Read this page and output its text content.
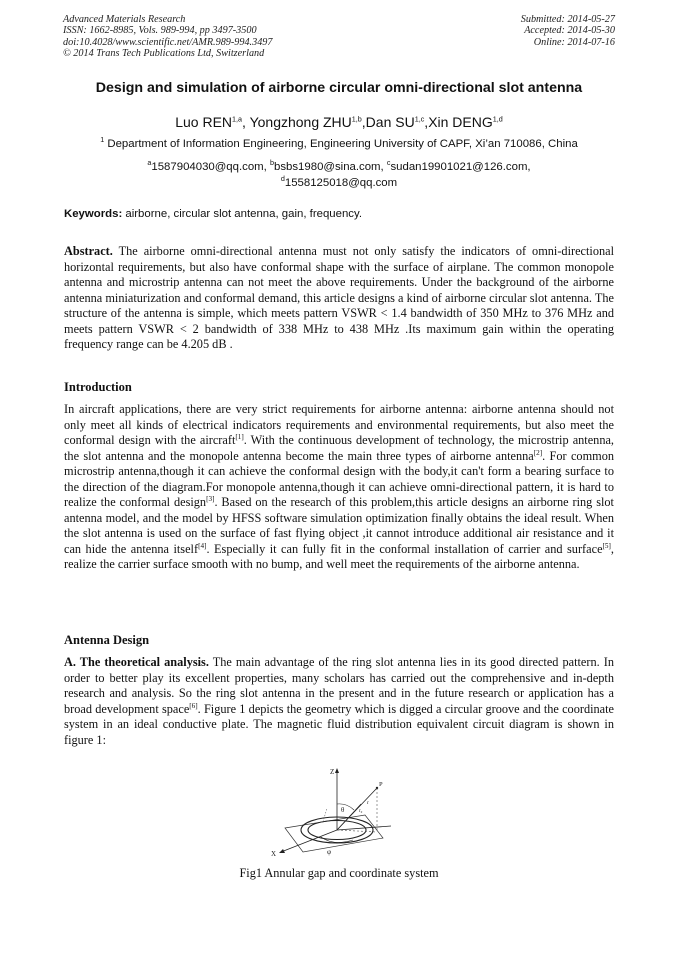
Advanced Materials Research
ISSN: 1662-8985, Vols. 989-994, pp 3497-3500
doi:10.4028/www.scientific.net/AMR.989-994.3497
© 2014 Trans Tech Publications Ltd, Switzerland
Submitted: 2014-05-27
Accepted: 2014-05-30
Online: 2014-07-16
Design and simulation of airborne circular omni-directional slot antenna
Luo REN$^{1,a}$, Yongzhong ZHU$^{1,b}$,Dan SU$^{1,c}$,Xin DENG$^{1,d}$
$^1$ Department of Information Engineering, Engineering University of CAPF, Xi’an 710086, China
$^a$1587904030@qq.com, $^b$bsbs1980@sina.com, $^c$sudan19901021@126.com,
$^d$1558125018@qq.com
Keywords: airborne, circular slot antenna, gain, frequency.
Abstract. The airborne omni-directional antenna must not only satisfy the indicators of omni-directional horizontal requirements, but also have conformal shape with the surface of airplane. The common monopole antenna and microstrip antenna can not meet the above requirements. Under the background of the airborne antenna miniaturization and conformal demand, this article designs a kind of airborne circular slot antenna. The structure of the antenna is simple, which meets pattern VSWR < 1.4 bandwidth of 350 MHz to 376 MHz and meets pattern VSWR < 2 bandwidth of 338 MHz to 438 MHz .Its maximum gain within the operating frequency range can be 4.205 dB .
Introduction
In aircraft applications, there are very strict requirements for airborne antenna: airborne antenna should not only meet all kinds of electrical indicators requirements and environmental requirements, but also meet the conformal design with the aircraft[1]. With the continuous development of technology, the microstrip antenna, the slot antenna and the monopole antenna become the main three types of airborne antenna[2]. For common microstrip antenna,though it can achieve the conformal design with the body,it can't form a bearing surface to the direction of the diagram.For monopole antenna,though it can achieve omni-directional pattern, it is hard to realize the conformal design[3]. Based on the research of this problem,this article designs an airborne ring slot antenna model, and the model by HFSS software simulation optimization finally obtains the ideal result. When the slot antenna is used on the surface of fast flying object ,it cannot introduce additional air resistance and it can hide the antenna itself[4]. Especially it can fully fit in the conformal installation of carrier and surface[5], realize the carrier surface smooth with no bump, and well meet the requirements of the airborne antenna.
Antenna Design
A. The theoretical analysis. The main advantage of the ring slot antenna lies in its good directed pattern. In order to better play its excellent properties, many scholars has carried out the comprehensive and in-depth research and analysis. So the ring slot antenna in the present and in the future research or application has a broad development space[6]. Figure 1 depicts the geometry which is digged a circular groove and the coordinate system in an ideal conductive plate. The magnetic fluid distribution equivalent circuit diagram is shown in figure 1:
Z
X
P
θ
φ
r
r₀
Fig1 Annular gap and coordinate system
